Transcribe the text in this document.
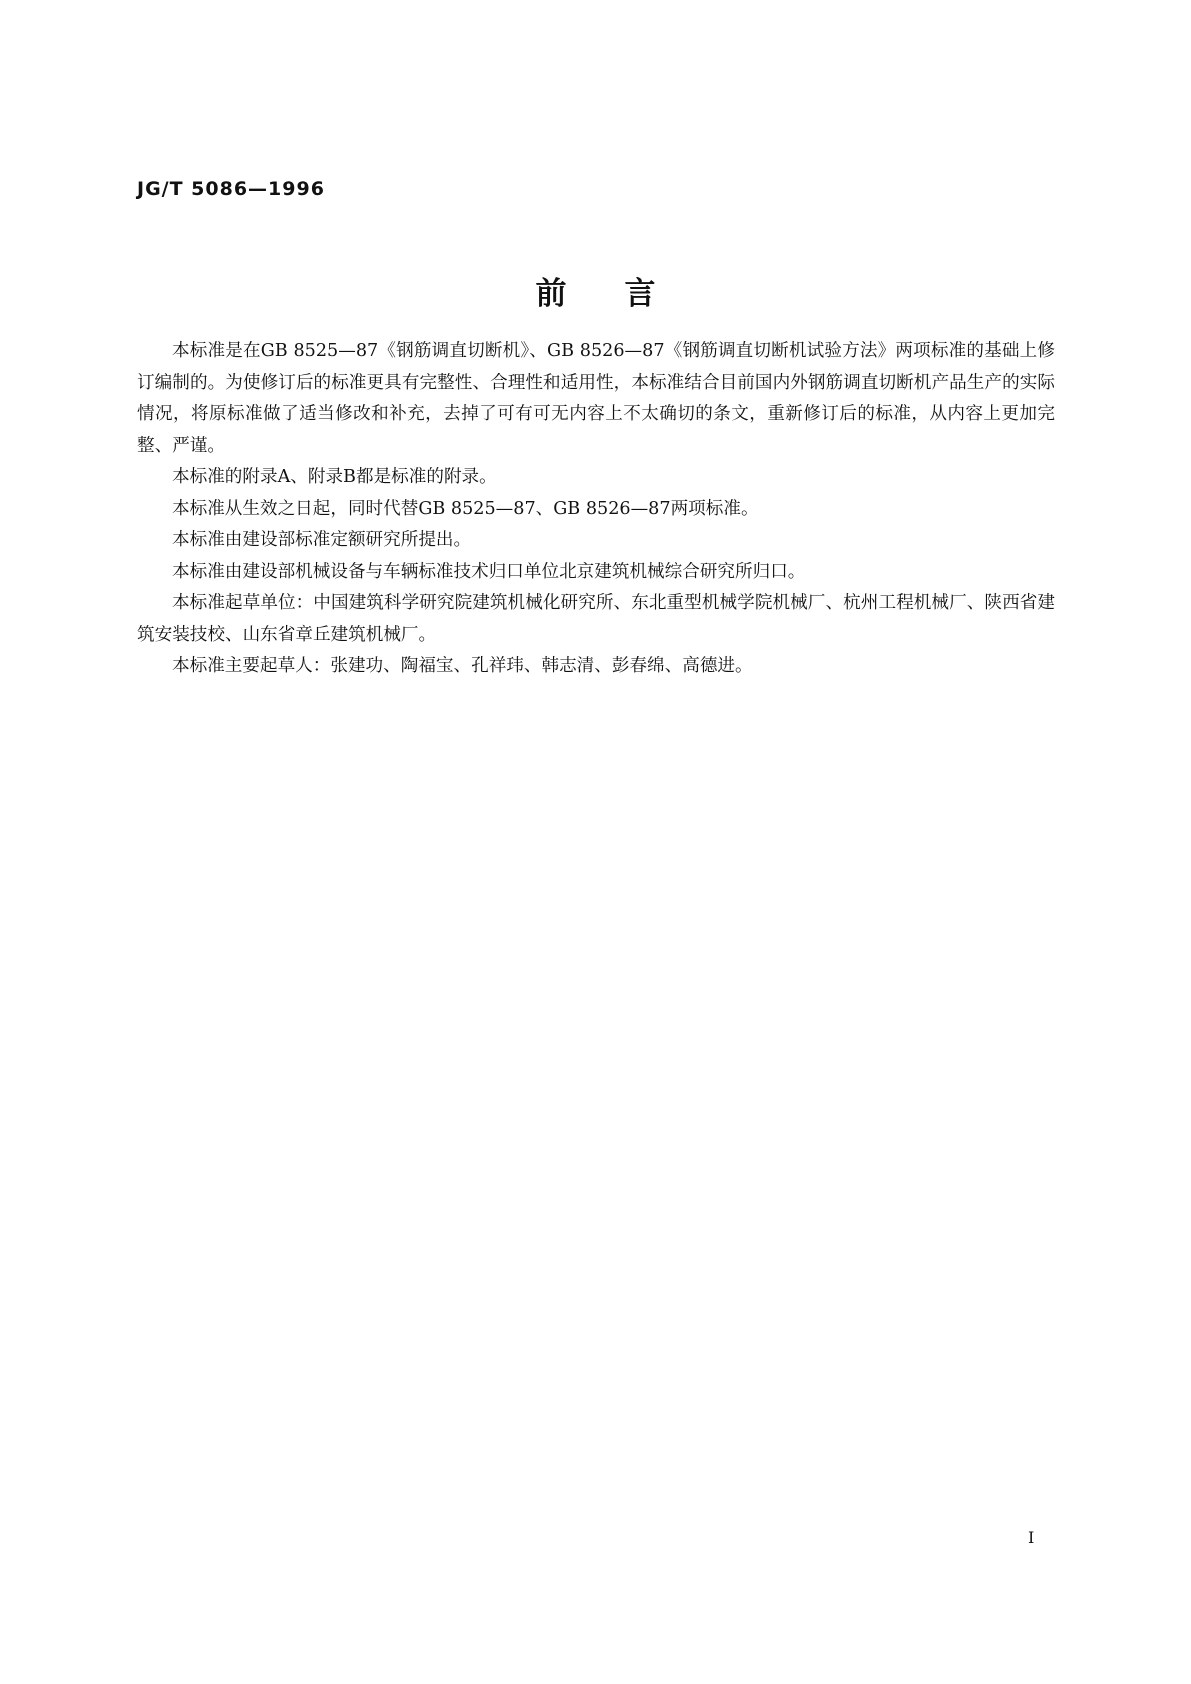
JG/T 5086—1996
前言

本标准是在GB 8525—87《钢筋调直切断机》、GB 8526—87《钢筋调直切断机试验方法》两项标准的基础上修订编制的。为使修订后的标准更具有完整性、合理性和适用性，本标准结合目前国内外钢筋调直切断机产品生产的实际情况，将原标准做了适当修改和补充，去掉了可有可无内容上不太确切的条文，重新修订后的标准，从内容上更加完整、严谨。

本标准的附录A、附录B都是标准的附录。

本标准从生效之日起，同时代替GB 8525—87、GB 8526—87两项标准。

本标准由建设部标准定额研究所提出。

本标准由建设部机械设备与车辆标准技术归口单位北京建筑机械综合研究所归口。

本标准起草单位：中国建筑科学研究院建筑机械化研究所、东北重型机械学院机械厂、杭州工程机械厂、陕西省建筑安装技校、山东省章丘建筑机械厂。

本标准主要起草人：张建功、陶福宝、孔祥玮、韩志清、彭春绵、高德进。

I
